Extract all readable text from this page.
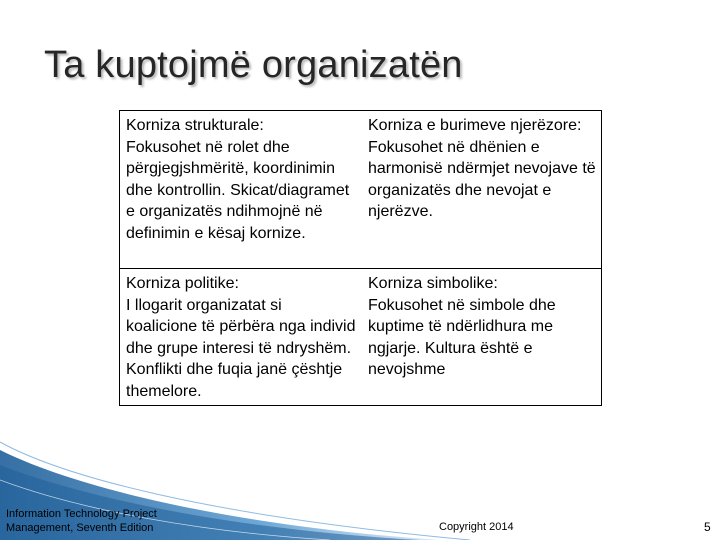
Ta kuptojmë organizatën
Korniza strukturale:
Fokusohet në rolet dhe përgjegjshmëritë, koordinimin dhe kontrollin. Skicat/diagramet e organizatës ndihmojnë në definimin e kësaj kornize.
Korniza e burimeve njerëzore:
Fokusohet në dhënien e harmonisë ndërmjet nevojave të organizatës dhe nevojat e njerëzve.
Korniza politike:
I llogarit organizatat si koalicione të përbëra nga individ dhe grupe interesi të ndryshëm. Konflikti dhe fuqia janë çështje themelore.
Korniza simbolike:
Fokusohet në simbole dhe kuptime të ndërlidhura me ngjarje. Kultura është e nevojshme
Information Technology Project
Management, Seventh Edition	Copyright 2014	5
